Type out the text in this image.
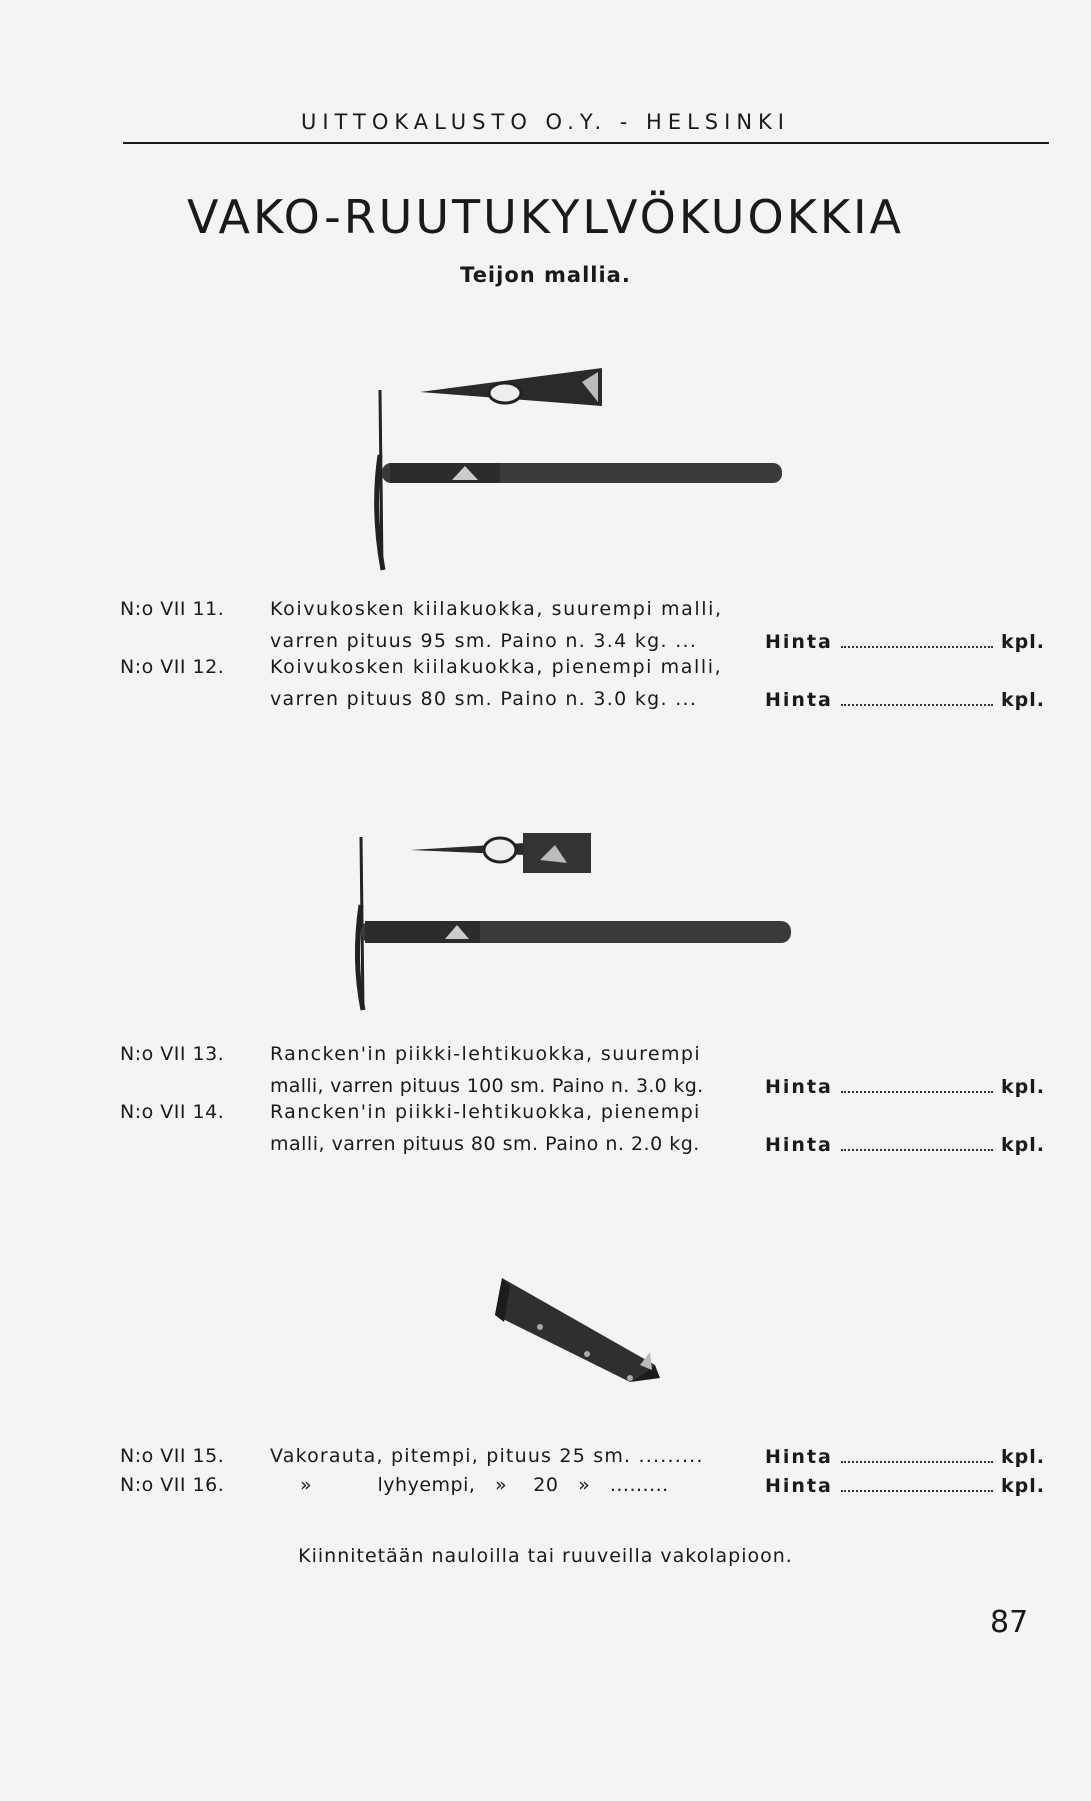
UITTOKALUSTO O.Y. - HELSINKI
VAKO-RUUTUKYLVÖKUOKKIA
Teijon mallia.
N:o VII 11. Koivukosken kiilakuokka, suurempi malli,
varren pituus 95 sm. Paino n. 3.4 kg. ...	Hinta	kpl.
N:o VII 12. Koivukosken kiilakuokka, pienempi malli,
varren pituus 80 sm. Paino n. 3.0 kg. ...	Hinta	kpl.
N:o VII 13. Rancken'in piikki-lehtikuokka, suurempi
malli, varren pituus 100 sm. Paino n. 3.0 kg.	Hinta	kpl.
N:o VII 14. Rancken'in piikki-lehtikuokka, pienempi
malli, varren pituus 80 sm. Paino n. 2.0 kg.	Hinta	kpl.
N:o VII 15. Vakorauta, pitempi, pituus 25 sm. .........	Hinta	kpl.
N:o VII 16.	»          lyhyempi,   »    20   »   .........	Hinta	kpl.
Kiinnitetään nauloilla tai ruuveilla vakolapioon.
87
